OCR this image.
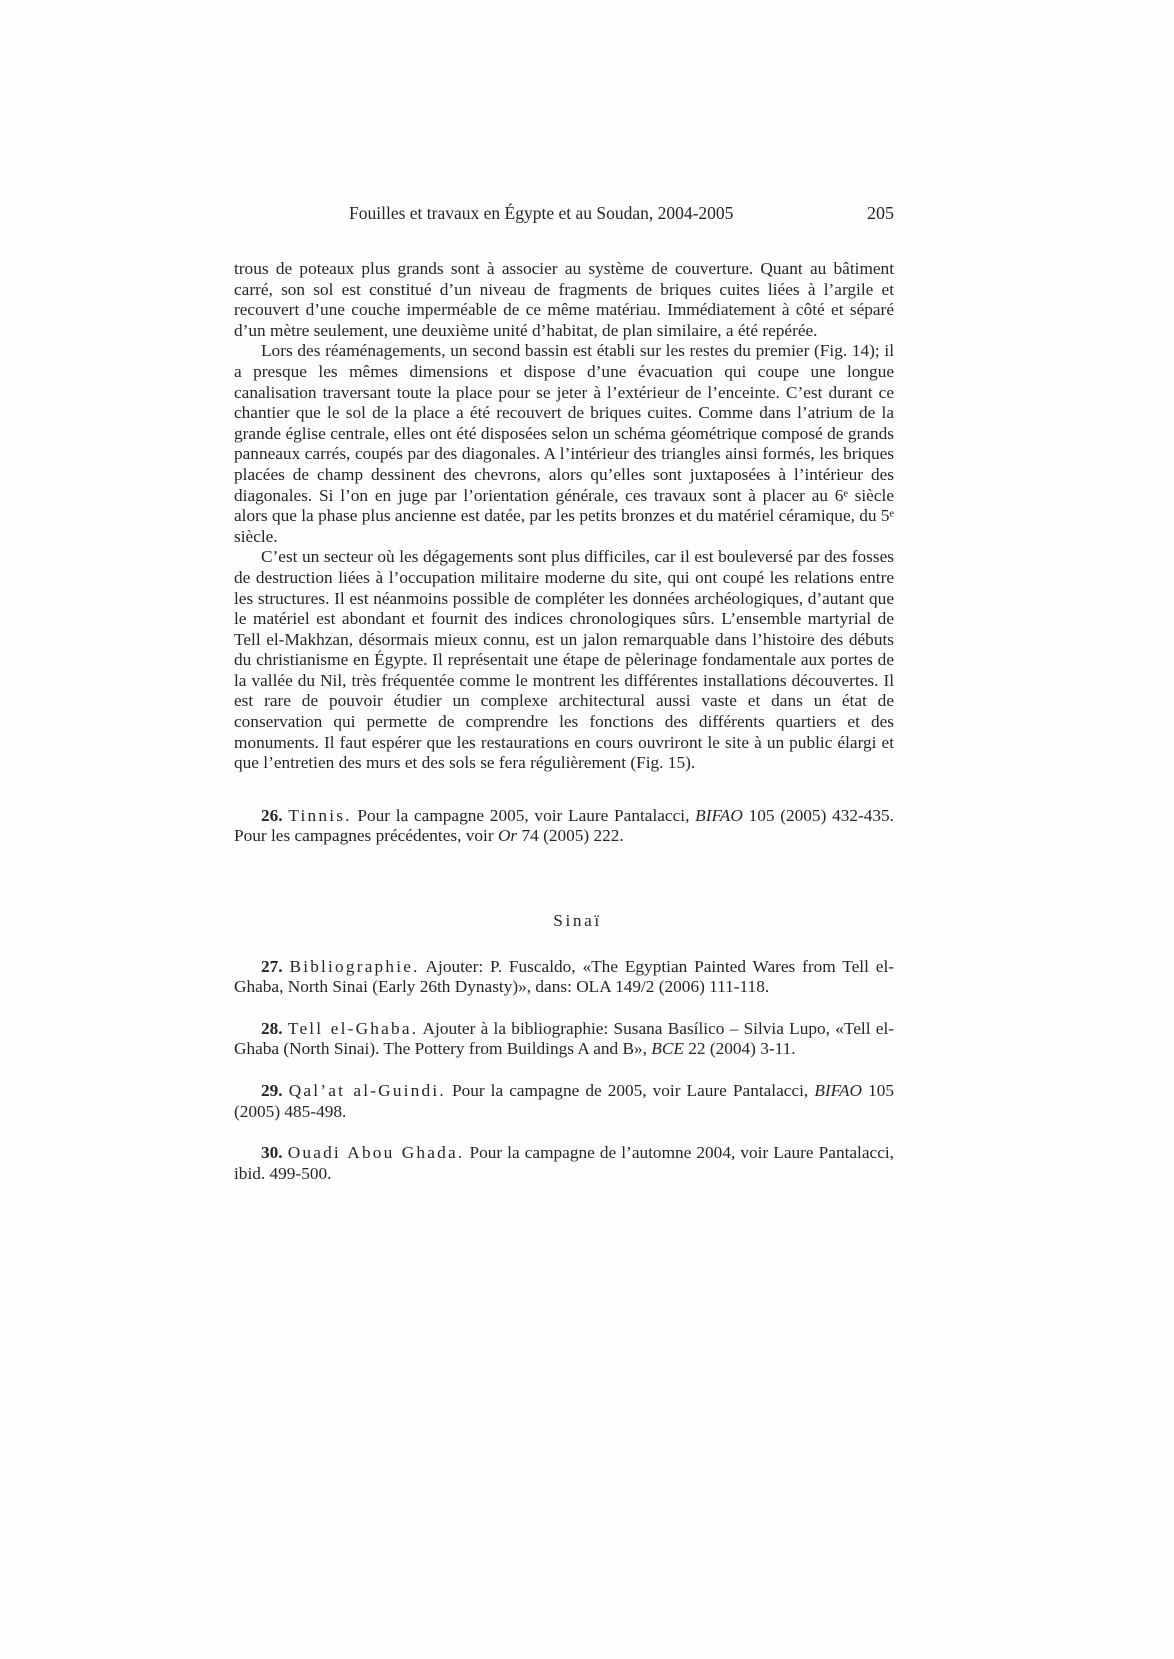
Fouilles et travaux en Égypte et au Soudan, 2004-2005	205

trous de poteaux plus grands sont à associer au système de couverture. Quant au bâtiment carré, son sol est constitué d’un niveau de fragments de briques cuites liées à l’argile et recouvert d’une couche imperméable de ce même matériau. Immédiatement à côté et séparé d’un mètre seulement, une deuxième unité d’habitat, de plan similaire, a été repérée.

Lors des réaménagements, un second bassin est établi sur les restes du premier (Fig. 14); il a presque les mêmes dimensions et dispose d’une évacuation qui coupe une longue canalisation traversant toute la place pour se jeter à l’extérieur de l’enceinte. C’est durant ce chantier que le sol de la place a été recouvert de briques cuites. Comme dans l’atrium de la grande église centrale, elles ont été disposées selon un schéma géométrique composé de grands panneaux carrés, coupés par des diagonales. A l’intérieur des triangles ainsi formés, les briques placées de champ dessinent des chevrons, alors qu’elles sont juxtaposées à l’intérieur des diagonales. Si l’on en juge par l’orientation générale, ces travaux sont à placer au 6ᵉ siècle alors que la phase plus ancienne est datée, par les petits bronzes et du matériel céramique, du 5ᵉ siècle.

C’est un secteur où les dégagements sont plus difficiles, car il est bouleversé par des fosses de destruction liées à l’occupation militaire moderne du site, qui ont coupé les relations entre les structures. Il est néanmoins possible de compléter les données archéologiques, d’autant que le matériel est abondant et fournit des indices chronologiques sûrs. L’ensemble martyrial de Tell el-Makhzan, désormais mieux connu, est un jalon remarquable dans l’histoire des débuts du christianisme en Égypte. Il représentait une étape de pèlerinage fondamentale aux portes de la vallée du Nil, très fréquentée comme le montrent les différentes installations découvertes. Il est rare de pouvoir étudier un complexe architectural aussi vaste et dans un état de conservation qui permette de comprendre les fonctions des différents quartiers et des monuments. Il faut espérer que les restaurations en cours ouvriront le site à un public élargi et que l’entretien des murs et des sols se fera régulièrement (Fig. 15).

26. Tinnis. Pour la campagne 2005, voir Laure Pantalacci, BIFAO 105 (2005) 432-435. Pour les campagnes précédentes, voir Or 74 (2005) 222.

Sinaï

27. Bibliographie. Ajouter: P. Fuscaldo, «The Egyptian Painted Wares from Tell el-Ghaba, North Sinai (Early 26th Dynasty)», dans: OLA 149/2 (2006) 111-118.

28. Tell el-Ghaba. Ajouter à la bibliographie: Susana Basílico – Silvia Lupo, «Tell el-Ghaba (North Sinai). The Pottery from Buildings A and B», BCE 22 (2004) 3-11.

29. Qal’at al-Guindi. Pour la campagne de 2005, voir Laure Pantalacci, BIFAO 105 (2005) 485-498.

30. Ouadi Abou Ghada. Pour la campagne de l’automne 2004, voir Laure Pantalacci, ibid. 499-500.
